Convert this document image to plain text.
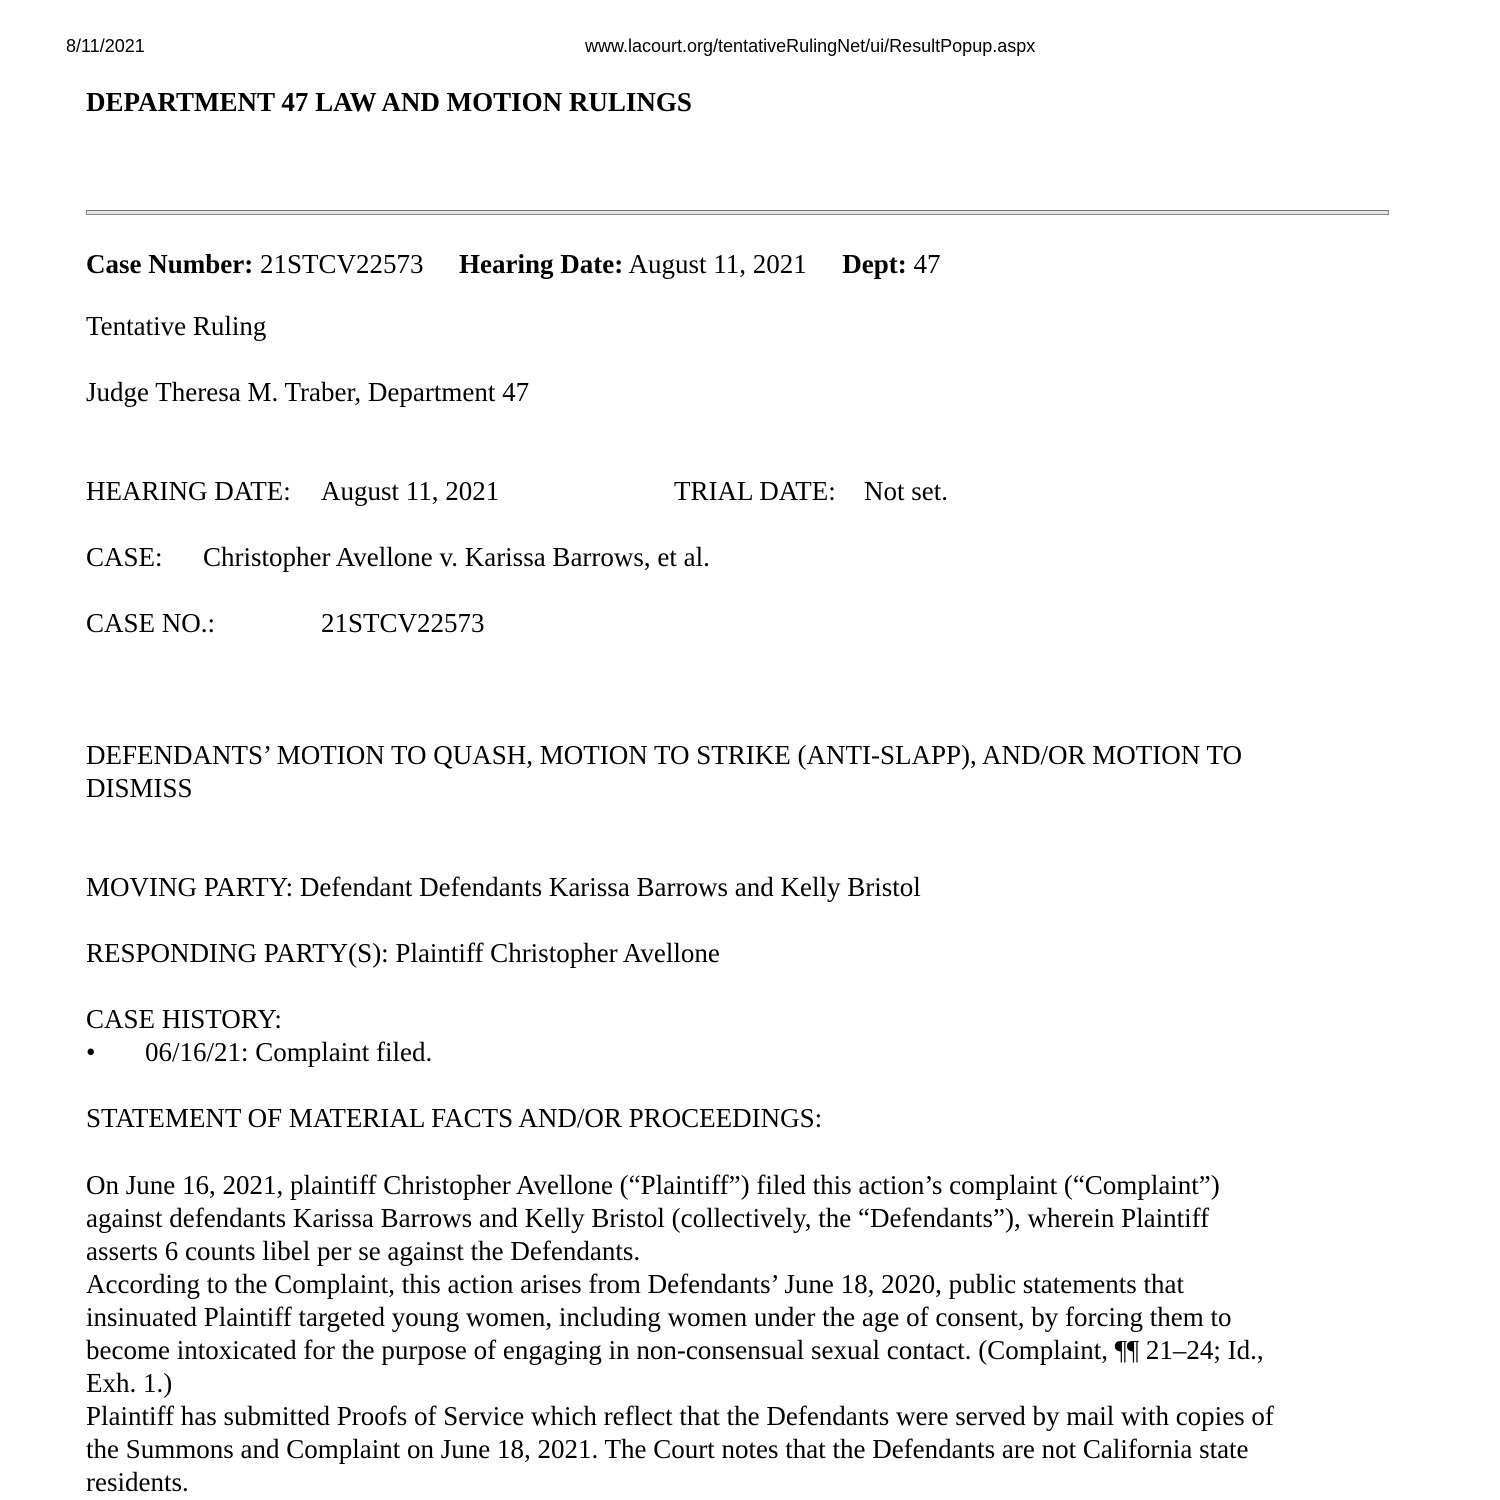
8/11/2021	www.lacourt.org/tentativeRulingNet/ui/ResultPopup.aspx
DEPARTMENT 47 LAW AND MOTION RULINGS
Case Number: 21STCV22573 Hearing Date: August 11, 2021 Dept: 47
Tentative Ruling
Judge Theresa M. Traber, Department 47
HEARING DATE: August 11, 2021	TRIAL DATE: Not set.
CASE: Christopher Avellone v. Karissa Barrows, et al.
CASE NO.:	21STCV22573
DEFENDANTS’ MOTION TO QUASH, MOTION TO STRIKE (ANTI-SLAPP), AND/OR MOTION TO
DISMISS
MOVING PARTY: Defendant Defendants Karissa Barrows and Kelly Bristol
RESPONDING PARTY(S): Plaintiff Christopher Avellone
CASE HISTORY:
• 06/16/21: Complaint filed.
STATEMENT OF MATERIAL FACTS AND/OR PROCEEDINGS:
On June 16, 2021, plaintiff Christopher Avellone (“Plaintiff”) filed this action’s complaint (“Complaint”)
against defendants Karissa Barrows and Kelly Bristol (collectively, the “Defendants”), wherein Plaintiff
asserts 6 counts libel per se against the Defendants.
According to the Complaint, this action arises from Defendants’ June 18, 2020, public statements that
insinuated Plaintiff targeted young women, including women under the age of consent, by forcing them to
become intoxicated for the purpose of engaging in non-consensual sexual contact. (Complaint, ¶¶ 21–24; Id.,
Exh. 1.)
Plaintiff has submitted Proofs of Service which reflect that the Defendants were served by mail with copies of
the Summons and Complaint on June 18, 2021. The Court notes that the Defendants are not California state
residents.
